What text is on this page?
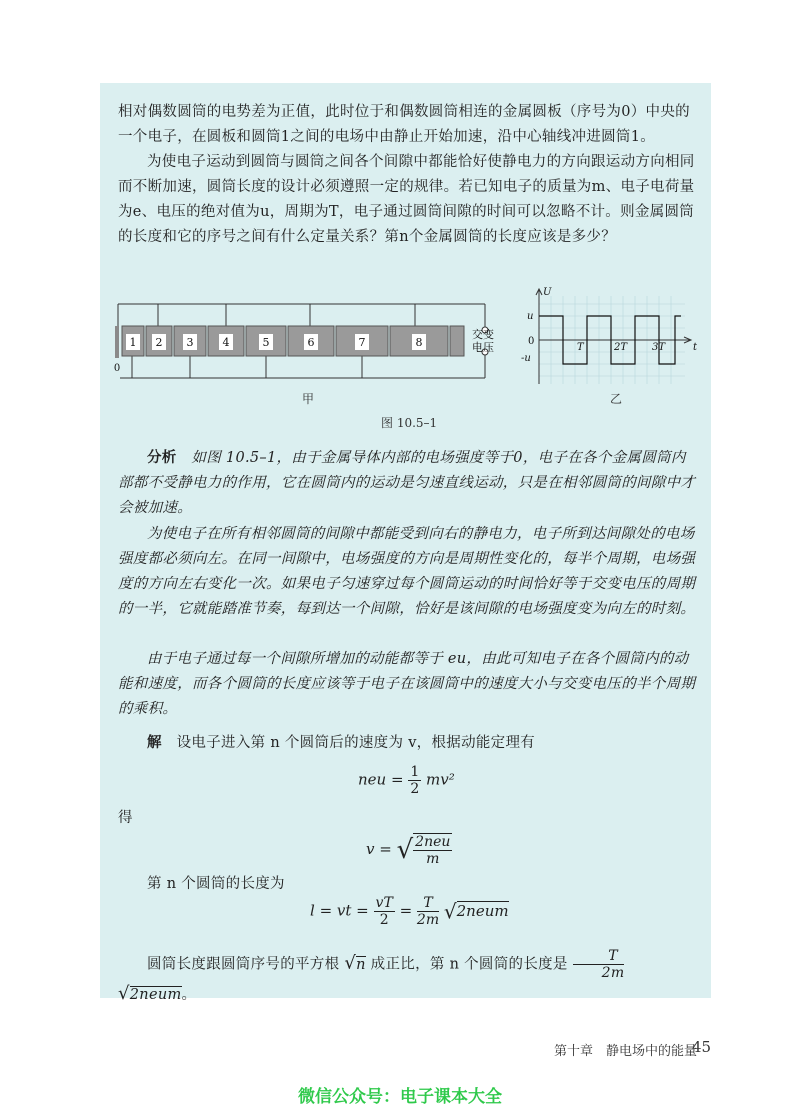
相对偶数圆筒的电势差为正值，此时位于和偶数圆筒相连的金属圆板（序号为0）中央的一个电子，在圆板和圆筒1之间的电场中由静止开始加速，沿中心轴线冲进圆筒1。
为使电子运动到圆筒与圆筒之间各个间隙中都能恰好使静电力的方向跟运动方向相同而不断加速，圆筒长度的设计必须遵照一定的规律。若已知电子的质量为m、电子电荷量为e、电压的绝对值为u，周期为T，电子通过圆筒间隙的时间可以忽略不计。则金属圆筒的长度和它的序号之间有什么定量关系？第n个金属圆筒的长度应该是多少？
1 2 3	4	5	6	7	8
0
交变
电压
U
t
u
-u
T	2T 3T
0
甲	乙
图 10.5–1
分析　 如图 10.5–1，由于金属导体内部的电场强度等于0，电子在各个金属圆筒内部都不受静电力的作用，它在圆筒内的运动是匀速直线运动，只是在相邻圆筒的间隙中才会被加速。
为使电子在所有相邻圆筒的间隙中都能受到向右的静电力，电子所到达间隙处的电场强度都必须向左。在同一间隙中，电场强度的方向是周期性变化的，每半个周期，电场强度的方向左右变化一次。如果电子匀速穿过每个圆筒运动的时间恰好等于交变电压的周期的一半，它就能踏准节奏，每到达一个间隙，恰好是该间隙的电场强度变为向左的时刻。
由于电子通过每一个间隙所增加的动能都等于 eu，由此可知电子在各个圆筒内的动能和速度，而各个圆筒的长度应该等于电子在该圆筒中的速度大小与交变电压的半个周期的乘积。
解　 设电子进入第 n 个圆筒后的速度为 v，根据动能定理有
neu = $\frac{1}{2} mv^2$
得
v = √ $\frac{\text{2neu}}{m}$
第 n 个圆筒的长度为
l = vt = $\frac{vT}{2} = \frac{T}{2m}$ √2neum
圆筒长度跟圆筒序号的平方根 √n 成正比，第 n 个圆筒的长度是 $\frac{T}{2m}$
√2neum。
第十章　静电场中的能量
45
微信公众号：电子课本大全
